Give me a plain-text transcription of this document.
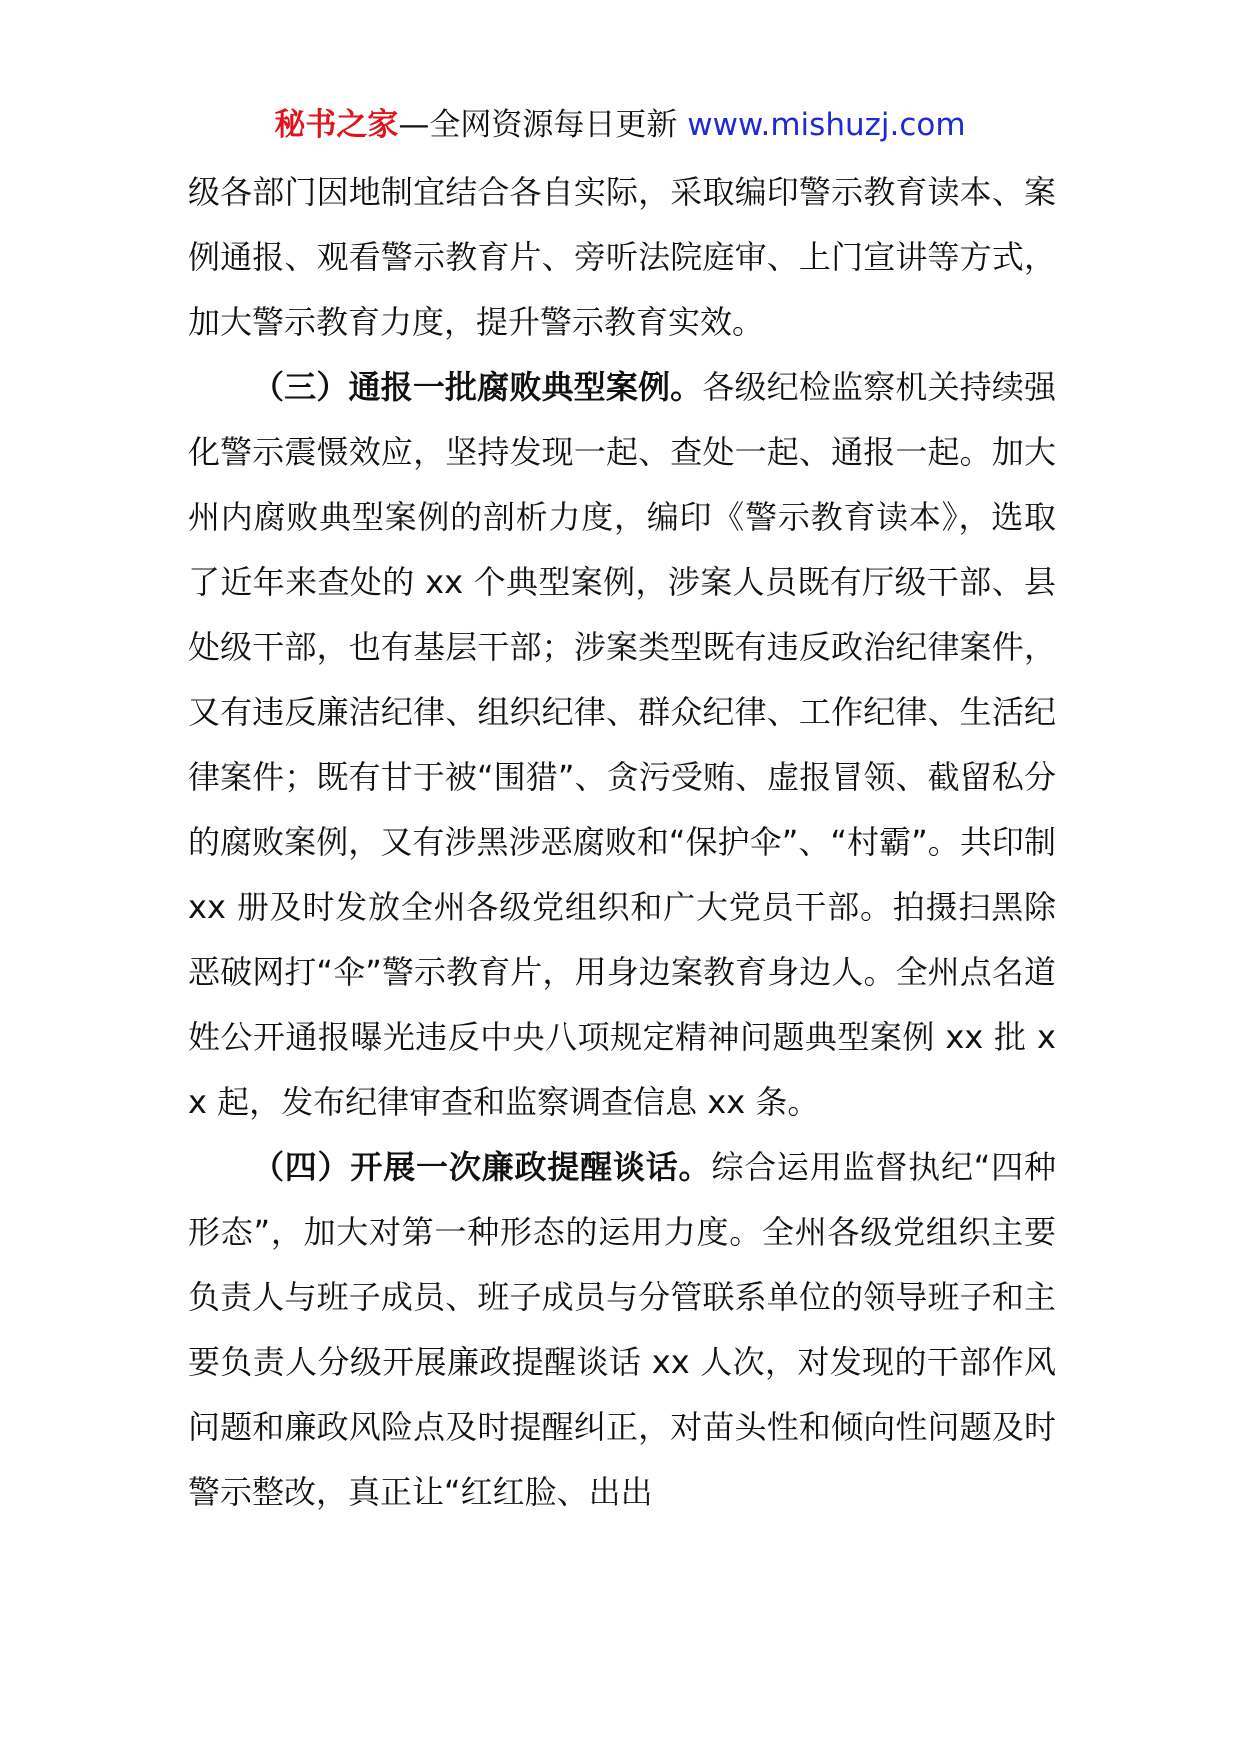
秘书之家—全网资源每日更新 www.mishuzj.com

级各部门因地制宜结合各自实际，采取编印警示教育读本、案例通报、观看警示教育片、旁听法院庭审、上门宣讲等方式，加大警示教育力度，提升警示教育实效。

（三）通报一批腐败典型案例。各级纪检监察机关持续强化警示震慑效应，坚持发现一起、查处一起、通报一起。加大州内腐败典型案例的剖析力度，编印《警示教育读本》，选取了近年来查处的 xx 个典型案例，涉案人员既有厅级干部、县处级干部，也有基层干部；涉案类型既有违反政治纪律案件，又有违反廉洁纪律、组织纪律、群众纪律、工作纪律、生活纪律案件；既有甘于被“围猎”、贪污受贿、虚报冒领、截留私分的腐败案例，又有涉黑涉恶腐败和“保护伞”、“村霸”。共印制 xx 册及时发放全州各级党组织和广大党员干部。拍摄扫黑除恶破网打“伞”警示教育片，用身边案教育身边人。全州点名道姓公开通报曝光违反中央八项规定精神问题典型案例 xx 批 xx 起，发布纪律审查和监察调查信息 xx 条。

（四）开展一次廉政提醒谈话。综合运用监督执纪“四种形态”，加大对第一种形态的运用力度。全州各级党组织主要负责人与班子成员、班子成员与分管联系单位的领导班子和主要负责人分级开展廉政提醒谈话 xx 人次，对发现的干部作风问题和廉政风险点及时提醒纠正，对苗头性和倾向性问题及时警示整改，真正让“红红脸、出出
